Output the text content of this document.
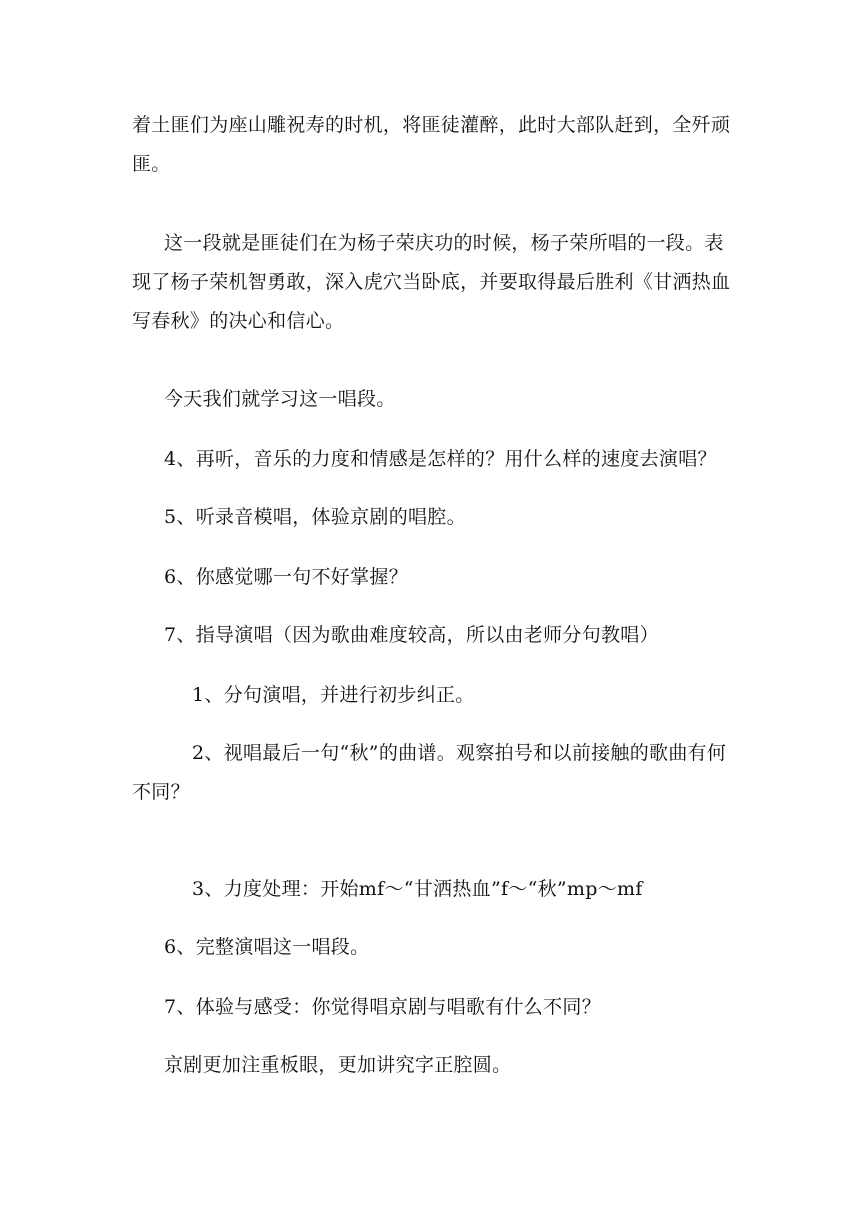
着土匪们为座山雕祝寿的时机，将匪徒灌醉，此时大部队赶到，全歼顽匪。

这一段就是匪徒们在为杨子荣庆功的时候，杨子荣所唱的一段。表现了杨子荣机智勇敢，深入虎穴当卧底，并要取得最后胜利《甘洒热血写春秋》的决心和信心。

今天我们就学习这一唱段。

4、再听，音乐的力度和情感是怎样的？用什么样的速度去演唱？

5、听录音模唱，体验京剧的唱腔。

6、你感觉哪一句不好掌握？

7、指导演唱（因为歌曲难度较高，所以由老师分句教唱）

1、分句演唱，并进行初步纠正。

2、视唱最后一句“秋”的曲谱。观察拍号和以前接触的歌曲有何不同？

3、力度处理：开始mf～“甘洒热血”f～“秋”mp～mf

6、完整演唱这一唱段。

7、体验与感受：你觉得唱京剧与唱歌有什么不同？

京剧更加注重板眼，更加讲究字正腔圆。
